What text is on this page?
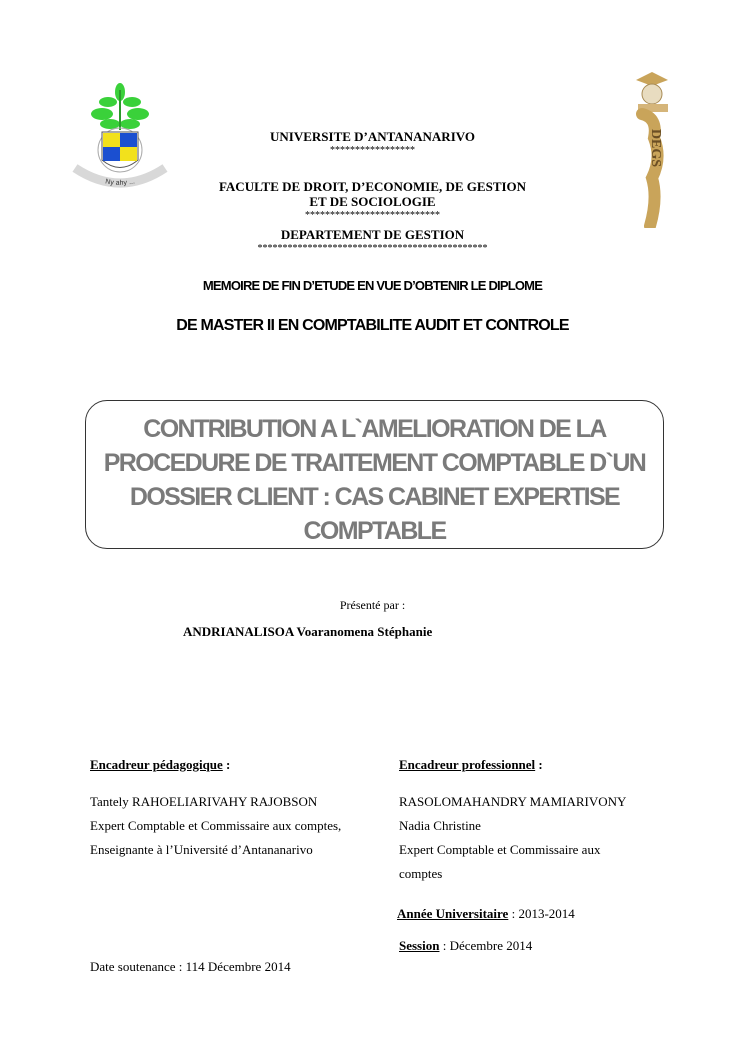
Ny ahy ...
DEGS
UNIVERSITE D’ANTANANARIVO
*****************
FACULTE DE DROIT, D’ECONOMIE, DE GESTION
ET DE SOCIOLOGIE
***************************
DEPARTEMENT DE GESTION
**********************************************
MEMOIRE DE FIN D’ETUDE EN VUE D’OBTENIR LE DIPLOME
DE MASTER II EN COMPTABILITE AUDIT ET CONTROLE
CONTRIBUTION A L`AMELIORATION DE LA
PROCEDURE DE TRAITEMENT COMPTABLE D`UN
DOSSIER CLIENT : CAS CABINET EXPERTISE
COMPTABLE
Présenté par :
ANDRIANALISOA Voaranomena Stéphanie
Encadreur pédagogique :
Tantely RAHOELIARIVAHY RAJOBSON
Expert Comptable et Commissaire aux comptes,
Enseignante à l’Université d’Antananarivo
Encadreur professionnel :
RASOLOMAHANDRY MAMIARIVONY
Nadia Christine
Expert Comptable et Commissaire aux
comptes
Année Universitaire : 2013-2014
Session : Décembre 2014
Date soutenance : 114 Décembre 2014
